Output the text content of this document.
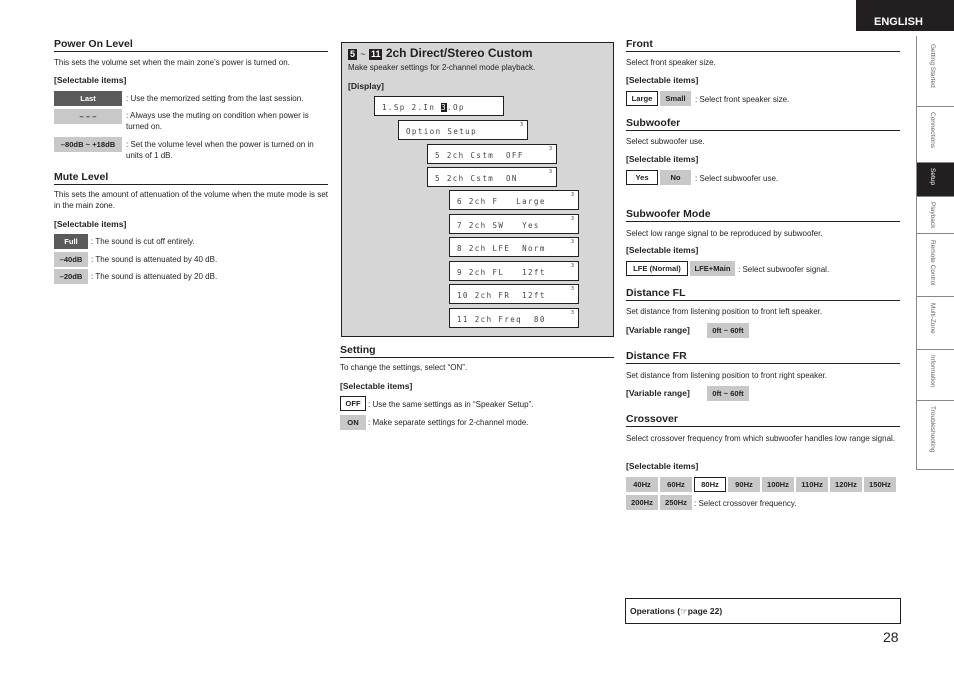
ENGLISH
Getting Started
Connections
Setup
Playback
Remote Control
Multi-Zone
Information
Troubleshooting
Power On Level
This sets the volume set when the main zone's power is turned on.
[Selectable items]
Last	: Use the memorized setting from the last session.
– – –	: Always use the muting on condition when power is turned on.
–80dB ~ +18dB	: Set the volume level when the power is turned on in units of 1 dB.
Mute Level
This sets the amount of attenuation of the volume when the mute mode is set in the main zone.
[Selectable items]
Full	: The sound is cut off entirely.
–40dB	: The sound is attenuated by 40 dB.
–20dB	: The sound is attenuated by 20 dB.
5 ~ 11 2ch Direct/Stereo Custom
Make speaker settings for 2-channel mode playback.
[Display]
1.Sp 2.In 3.Op
Option Setup
3
5 2ch Cstm  OFF
3
5 2ch Cstm  ON
3
6 2ch F   Large
3
7 2ch SW   Yes
3
8 2ch LFE  Norm
3
9 2ch FL   12ft
3
10 2ch FR  12ft
3
11 2ch Freq  80
3
Setting
To change the settings, select “ON”.
[Selectable items]
OFF : Use the same settings as in “Speaker Setup”.
ON	: Make separate settings for 2-channel mode.
Front
Select front speaker size.
[Selectable items]
Large	Small	: Select front speaker size.
Subwoofer
Select subwoofer use.
[Selectable items]
Yes	No	: Select subwoofer use.
Subwoofer Mode
Select low range signal to be reproduced by subwoofer.
[Selectable items]
LFE (Normal)	LFE+Main : Select subwoofer signal.
Distance FL
Set distance from listening position to front left speaker.
[Variable range]	0ft ~ 60ft
Distance FR
Set distance from listening position to front right speaker.
[Variable range]	0ft ~ 60ft
Crossover
Select crossover frequency from which subwoofer handles low range signal.
[Selectable items]
40Hz	60Hz	80Hz	90Hz	100Hz	110Hz	120Hz	150Hz
200Hz	250Hz : Select crossover frequency.
Operations (☞page 22)
28
